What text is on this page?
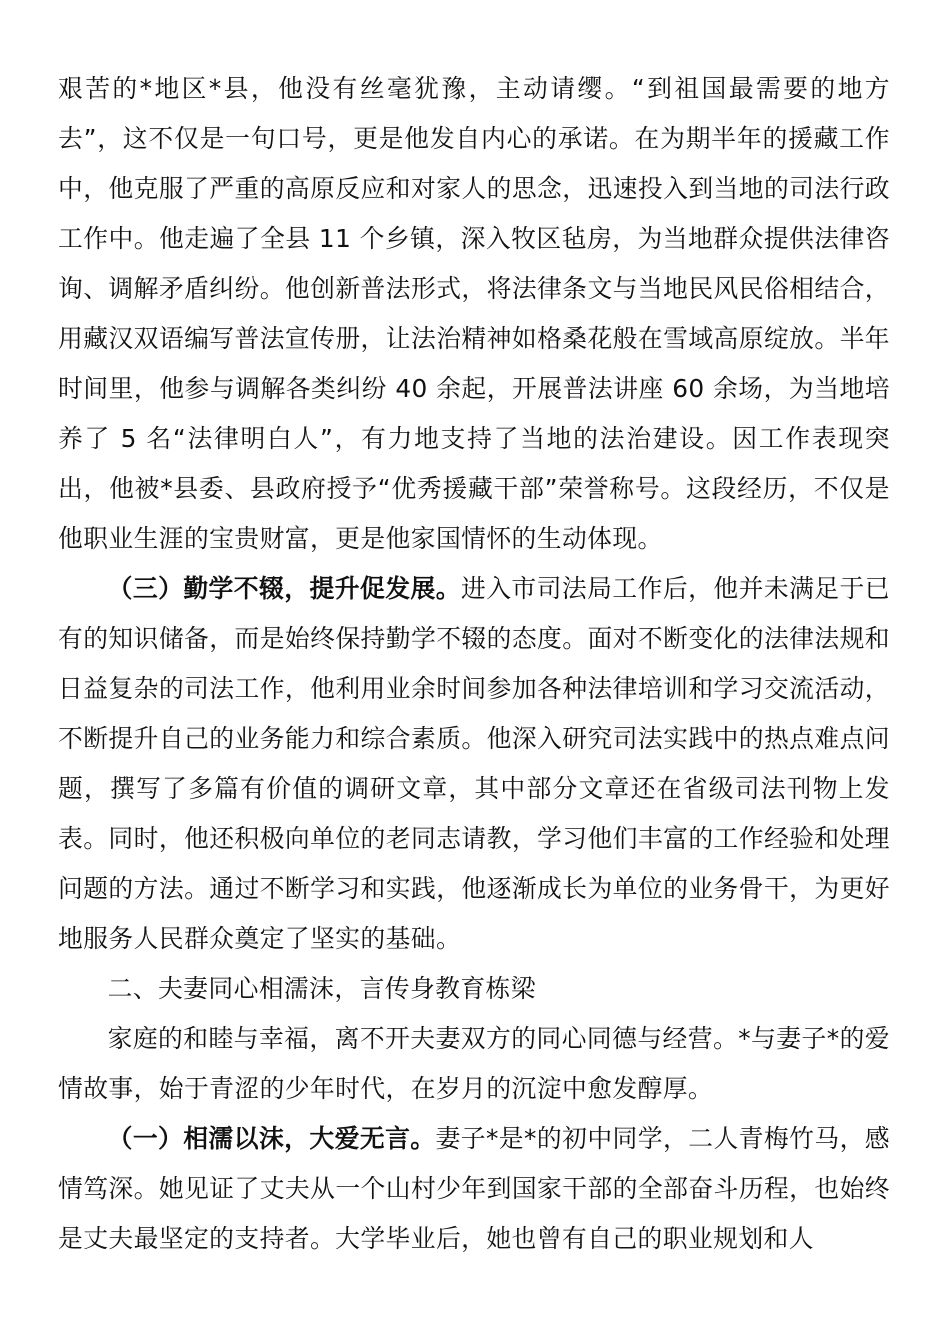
艰苦的*地区*县，他没有丝毫犹豫，主动请缨。“到祖国最需要的地方去”，这不仅是一句口号，更是他发自内心的承诺。在为期半年的援藏工作中，他克服了严重的高原反应和对家人的思念，迅速投入到当地的司法行政工作中。他走遍了全县 11 个乡镇，深入牧区毡房，为当地群众提供法律咨询、调解矛盾纠纷。他创新普法形式，将法律条文与当地民风民俗相结合，用藏汉双语编写普法宣传册，让法治精神如格桑花般在雪域高原绽放。半年时间里，他参与调解各类纠纷 40 余起，开展普法讲座 60 余场，为当地培养了 5 名“法律明白人”，有力地支持了当地的法治建设。因工作表现突出，他被*县委、县政府授予“优秀援藏干部”荣誉称号。这段经历，不仅是他职业生涯的宝贵财富，更是他家国情怀的生动体现。

（三）勤学不辍，提升促发展。进入市司法局工作后，他并未满足于已有的知识储备，而是始终保持勤学不辍的态度。面对不断变化的法律法规和日益复杂的司法工作，他利用业余时间参加各种法律培训和学习交流活动，不断提升自己的业务能力和综合素质。他深入研究司法实践中的热点难点问题，撰写了多篇有价值的调研文章，其中部分文章还在省级司法刊物上发表。同时，他还积极向单位的老同志请教，学习他们丰富的工作经验和处理问题的方法。通过不断学习和实践，他逐渐成长为单位的业务骨干，为更好地服务人民群众奠定了坚实的基础。

二、夫妻同心相濡沫，言传身教育栋梁

家庭的和睦与幸福，离不开夫妻双方的同心同德与经营。*与妻子*的爱情故事，始于青涩的少年时代，在岁月的沉淀中愈发醇厚。

（一）相濡以沫，大爱无言。妻子*是*的初中同学，二人青梅竹马，感情笃深。她见证了丈夫从一个山村少年到国家干部的全部奋斗历程，也始终是丈夫最坚定的支持者。大学毕业后，她也曾有自己的职业规划和人
